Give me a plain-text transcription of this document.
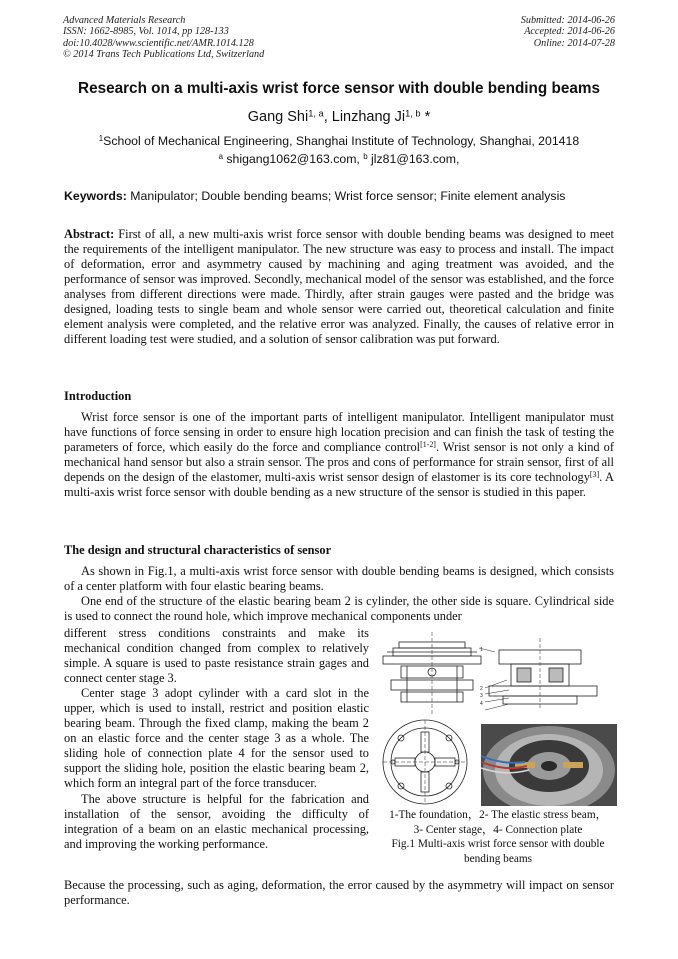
Advanced Materials Research
ISSN: 1662-8985, Vol. 1014, pp 128-133
doi:10.4028/www.scientific.net/AMR.1014.128
© 2014 Trans Tech Publications Ltd, Switzerland
Submitted: 2014-06-26
Accepted: 2014-06-26
Online: 2014-07-28
Research on a multi-axis wrist force sensor with double bending beams
Gang Shi$^{1, a}$, Linzhang Ji$^{1, b}$ *
$^1$School of Mechanical Engineering, Shanghai Institute of Technology, Shanghai, 201418
$^a$ shigang1062@163.com, $^b$ jlz81@163.com,
Keywords: Manipulator; Double bending beams; Wrist force sensor; Finite element analysis

Abstract: First of all, a new multi-axis wrist force sensor with double bending beams was designed to meet the requirements of the intelligent manipulator. The new structure was easy to process and install. The impact of deformation, error and asymmetry caused by machining and aging treatment was avoided, and the performance of sensor was improved. Secondly, mechanical model of the sensor was established, and the force analyses from different directions were made. Thirdly, after strain gauges were pasted and the bridge was designed, loading tests to single beam and whole sensor were carried out, theoretical calculation and finite element analysis were completed, and the relative error was analyzed. Finally, the causes of relative error in different loading test were studied, and a solution of sensor calibration was put forward.

Introduction

Wrist force sensor is one of the important parts of intelligent manipulator. Intelligent manipulator must have functions of force sensing in order to ensure high location precision and can finish the task of testing the parameters of force, which easily do the force and compliance control[1-2]. Wrist sensor is not only a kind of mechanical hand sensor but also a strain sensor. The pros and cons of performance for strain sensor, first of all depends on the design of the elastomer, multi-axis wrist sensor design of elastomer is its core technology[3]. A multi-axis wrist force sensor with double bending as a new structure of the sensor is studied in this paper.

The design and structural characteristics of sensor

As shown in Fig.1, a multi-axis wrist force sensor with double bending beams is designed, which consists of a center platform with four elastic bearing beams.

One end of the structure of the elastic bearing beam 2 is cylinder, the other side is square. Cylindrical side is used to connect the round hole, which improve mechanical components under

different stress conditions constraints and make its mechanical condition changed from complex to relatively simple. A square is used to paste resistance strain gages and connect center stage 3.

Center stage 3 adopt cylinder with a card slot in the upper, which is used to install, restrict and position elastic bearing beam. Through the fixed clamp, making the beam 2 on an elastic force and the center stage 3 as a whole. The sliding hole of connection plate 4 for the sensor used to support the sliding hole, position the elastic bearing beam 2, which form an integral part of the force transducer.

The above structure is helpful for the fabrication and installation of the sensor, avoiding the difficulty of integration of a beam on an elastic mechanical processing, and improving the working performance.

Because the processing, such as aging, deformation, the error caused by the asymmetry will impact on sensor performance.

1
2
3
4
1-The foundation，2- The elastic stress beam，
3- Center stage，4- Connection plate
Fig.1 Multi-axis wrist force sensor with double bending beams
